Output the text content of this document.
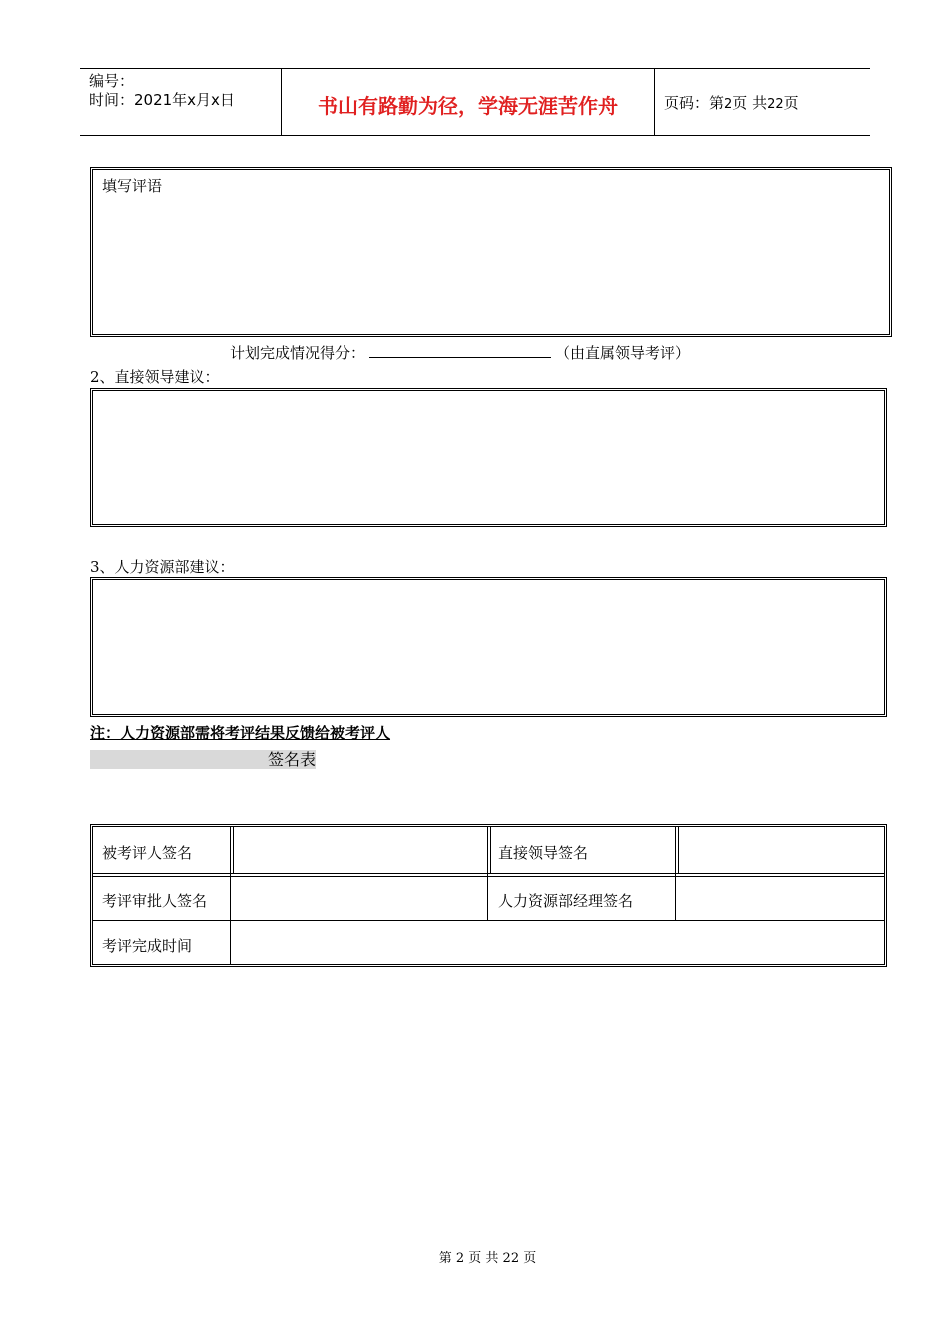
编号：
时间：2021年x月x日	书山有路勤为径，学海无涯苦作舟	页码：第2页 共22页
填写评语
计划完成情况得分：	（由直属领导考评）
2、直接领导建议：
3、人力资源部建议：
注：人力资源部需将考评结果反馈给被考评人
签名表
被考评人签名	直接领导签名
考评审批人签名	人力资源部经理签名
考评完成时间
第 2 页 共 22 页
